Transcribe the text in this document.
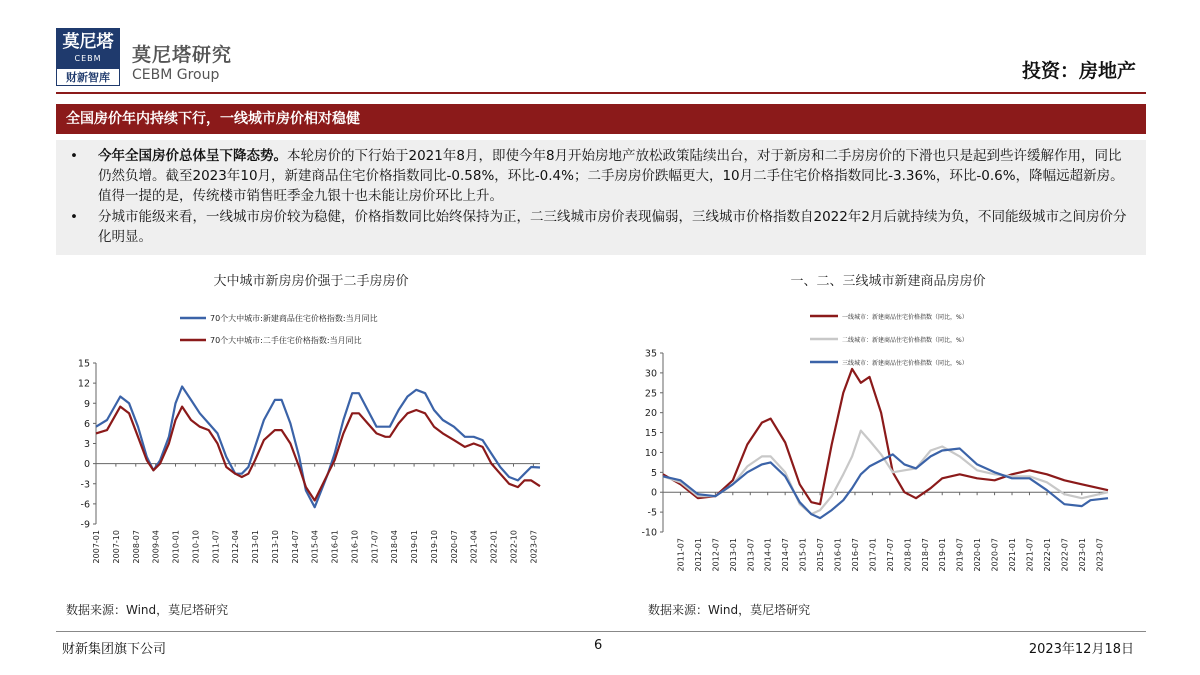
莫尼塔
CEBM
财新智库
莫尼塔研究
CEBM Group	投资：房地产
全国房价年内持续下行，一线城市房价相对稳健
•	今年全国房价总体呈下降态势。本轮房价的下行始于2021年8月，即使今年8月开始房地产放松政策陆续出台，对于新房和二手房房价的下滑也只是起到些许缓解作用，同比仍然负增。截至2023年10月，新建商品住宅价格指数同比-0.58%，环比-0.4%；二手房房价跌幅更大，10月二手住宅价格指数同比-3.36%，环比-0.6%，降幅远超新房。值得一提的是，传统楼市销售旺季金九银十也未能让房价环比上升。
•	分城市能级来看，一线城市房价较为稳健，价格指数同比始终保持为正，二三线城市房价表现偏弱，三线城市价格指数自2022年2月后就持续为负，不同能级城市之间房价分化明显。
大中城市新房房价强于二手房房价	一、二、三线城市新建商品房房价
-9
-6
-3
0
3
6
9
12
15
2007-01 2007-10 2008-07 2009-04 2010-01 2010-10 2011-07 2012-04 2013-01 2013-10 2014-07 2015-04 2016-01 2016-10 2017-07 2018-04 2019-01 2019-10 2020-07 2021-04 2022-01 2022-10 2023-07
70个大中城市:新建商品住宅价格指数:当月同比
70个大中城市:二手住宅价格指数:当月同比
-10
-5
0
5
10
15
20
25
30
35
2011-07 2012-01 2012-07 2013-01 2013-07 2014-01 2014-07 2015-01 2015-07 2016-01 2016-07 2017-01 2017-07 2018-01 2018-07 2019-01 2019-07 2020-01 2020-07 2021-01 2021-07 2022-01 2022-07 2023-01 2023-07
一线城市：新建商品住宅价格指数（同比，%）
二线城市：新建商品住宅价格指数（同比，%）
三线城市：新建商品住宅价格指数（同比，%）
数据来源：Wind，莫尼塔研究	数据来源：Wind，莫尼塔研究
财新集团旗下公司	6	2023年12月18日
